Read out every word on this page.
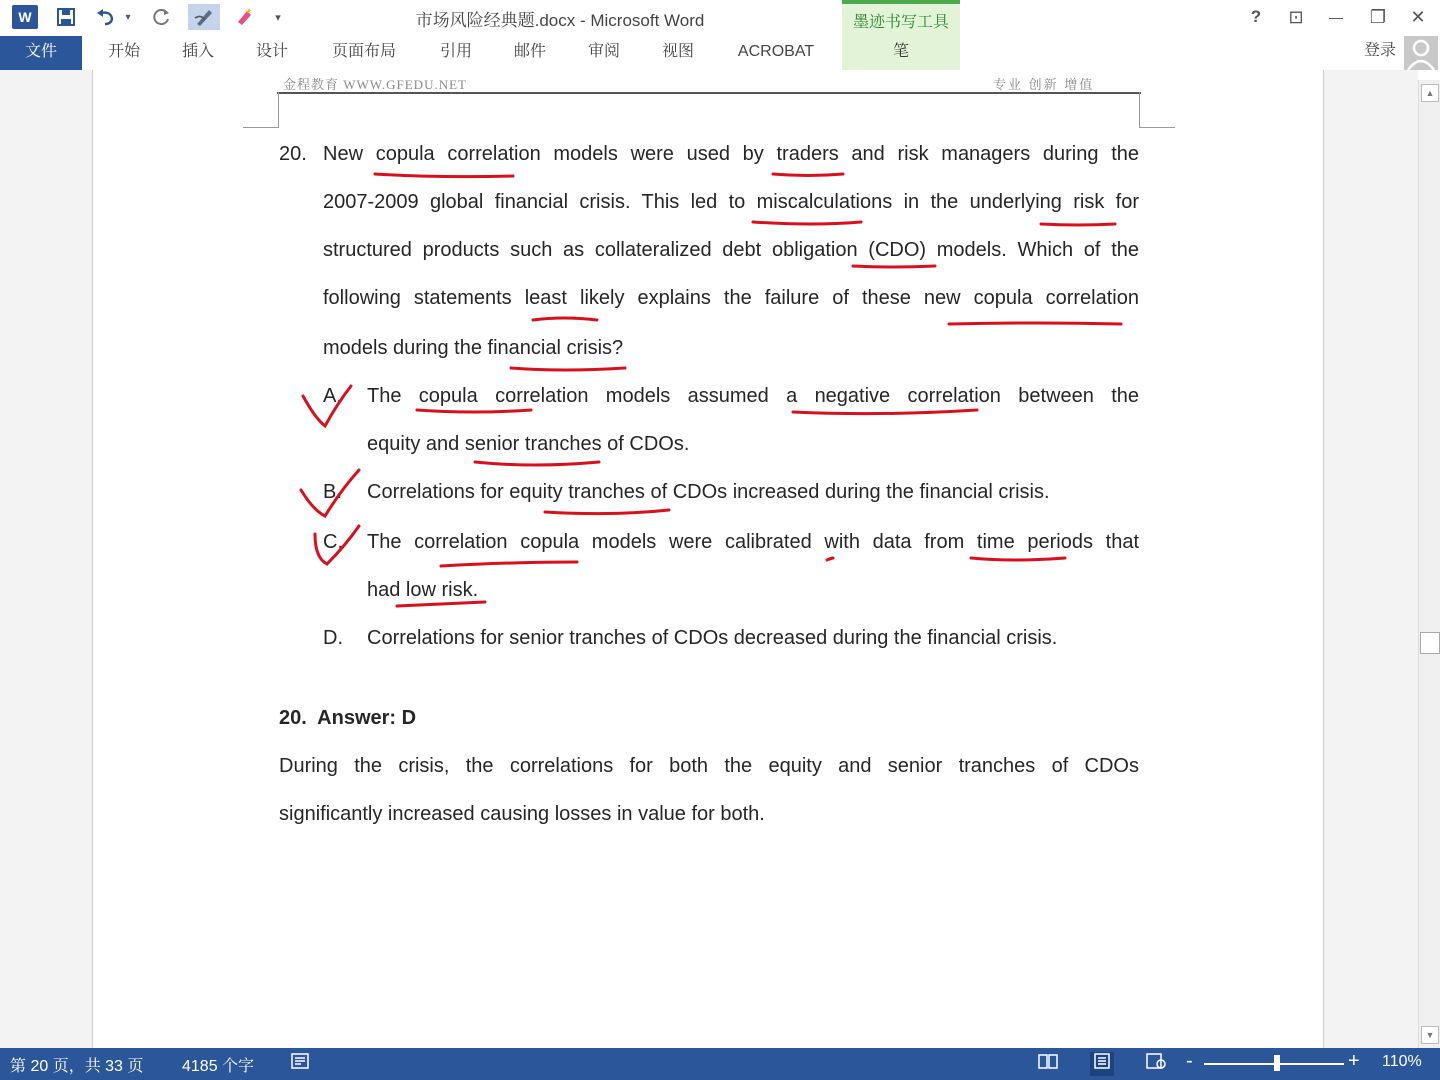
W	▾	▾	市场风险经典题.docx - Microsoft Word	墨迹书写工具	?	⊡	—	❐	✕
文件	开始	插入	设计	页面布局	引用	邮件	审阅	视图	ACROBAT	笔	登录
金程教育 WWW.GFEDU.NET	专业 创新 增值
20. New copula correlation models were used by traders and risk managers during the
2007-2009 global financial crisis. This led to miscalculations in the underlying risk for
structured products such as collateralized debt obligation (CDO) models. Which of the
following statements least likely explains the failure of these new copula correlation
models during the financial crisis?
A. The copula correlation models assumed a negative correlation between the
equity and senior tranches of CDOs.
B. Correlations for equity tranches of CDOs increased during the financial crisis.
C. The correlation copula models were calibrated with data from time periods that
had low risk.
D. Correlations for senior tranches of CDOs decreased during the financial crisis.
20.  Answer: D
During the crisis, the correlations for both the equity and senior tranches of CDOs
significantly increased causing losses in value for both.
▲
▼
第 20 页，共 33 页 4185 个字	-	+ 110%
